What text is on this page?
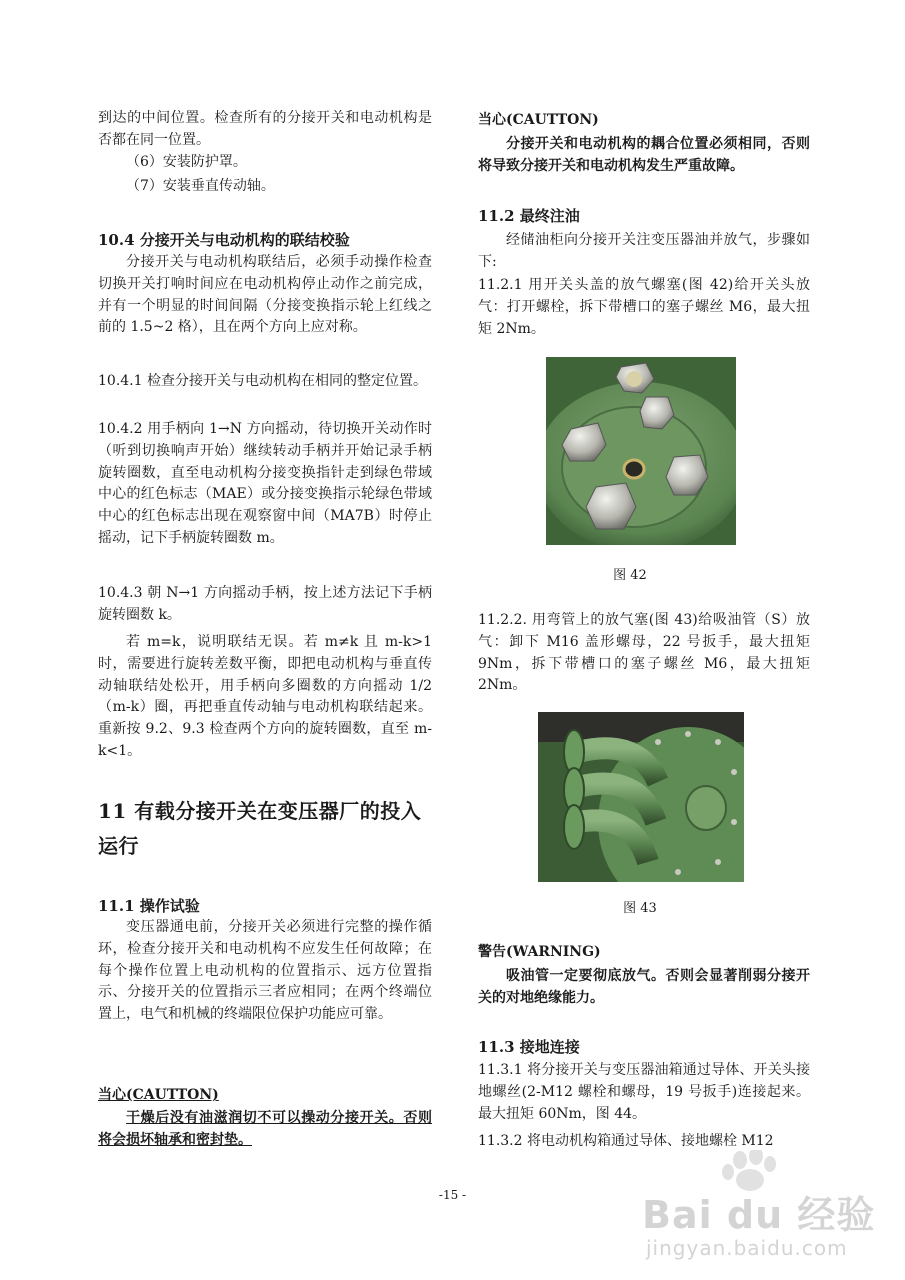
到达的中间位置。检查所有的分接开关和电动机构是否都在同一位置。

（6）安装防护罩。

（7）安装垂直传动轴。

10.4 分接开关与电动机构的联结校验

分接开关与电动机构联结后，必须手动操作检查切换开关打响时间应在电动机构停止动作之前完成，并有一个明显的时间间隔（分接变换指示轮上红线之前的 1.5~2 格），且在两个方向上应对称。

10.4.1 检查分接开关与电动机构在相同的整定位置。

10.4.2 用手柄向 1→N 方向摇动，待切换开关动作时（听到切换响声开始）继续转动手柄并开始记录手柄旋转圈数，直至电动机构分接变换指针走到绿色带域中心的红色标志（MAE）或分接变换指示轮绿色带域中心的红色标志出现在观察窗中间（MA7B）时停止摇动，记下手柄旋转圈数 m。

10.4.3 朝 N→1 方向摇动手柄，按上述方法记下手柄旋转圈数 k。

若 m=k，说明联结无误。若 m≠k 且 m-k>1 时，需要进行旋转差数平衡，即把电动机构与垂直传动轴联结处松开，用手柄向多圈数的方向摇动 1/2（m-k）圈，再把垂直传动轴与电动机构联结起来。重新按 9.2、9.3 检查两个方向的旋转圈数，直至 m-k<1。

11 有载分接开关在变压器厂的投入运行
11.1 操作试验

变压器通电前，分接开关必须进行完整的操作循环，检查分接开关和电动机构不应发生任何故障；在每个操作位置上电动机构的位置指示、远方位置指示、分接开关的位置指示三者应相同；在两个终端位置上，电气和机械的终端限位保护功能应可靠。

当心(CAUTTON)

干燥后没有油滋润切不可以操动分接开关。否则将会损坏轴承和密封垫。

当心(CAUTTON)

分接开关和电动机构的耦合位置必须相同，否则将导致分接开关和电动机构发生严重故障。

11.2 最终注油

经储油柜向分接开关注变压器油并放气，步骤如下:

11.2.1 用开关头盖的放气螺塞(图 42)给开关头放气：打开螺栓，拆下带槽口的塞子螺丝 M6，最大扭矩 2Nm。

图 42

11.2.2. 用弯管上的放气塞(图 43)给吸油管（S）放气：卸下 M16 盖形螺母，22 号扳手，最大扭矩 9Nm，拆下带槽口的塞子螺丝 M6，最大扭矩 2Nm。

图 43

警告(WARNING)

吸油管一定要彻底放气。否则会显著削弱分接开关的对地绝缘能力。

11.3 接地连接

11.3.1 将分接开关与变压器油箱通过导体、开关头接地螺丝(2-M12 螺栓和螺母，19 号扳手)连接起来。最大扭矩 60Nm，图 44。

11.3.2 将电动机构箱通过导体、接地螺栓 M12

-15 -	Bai du 经验
jingyan.baidu.com
